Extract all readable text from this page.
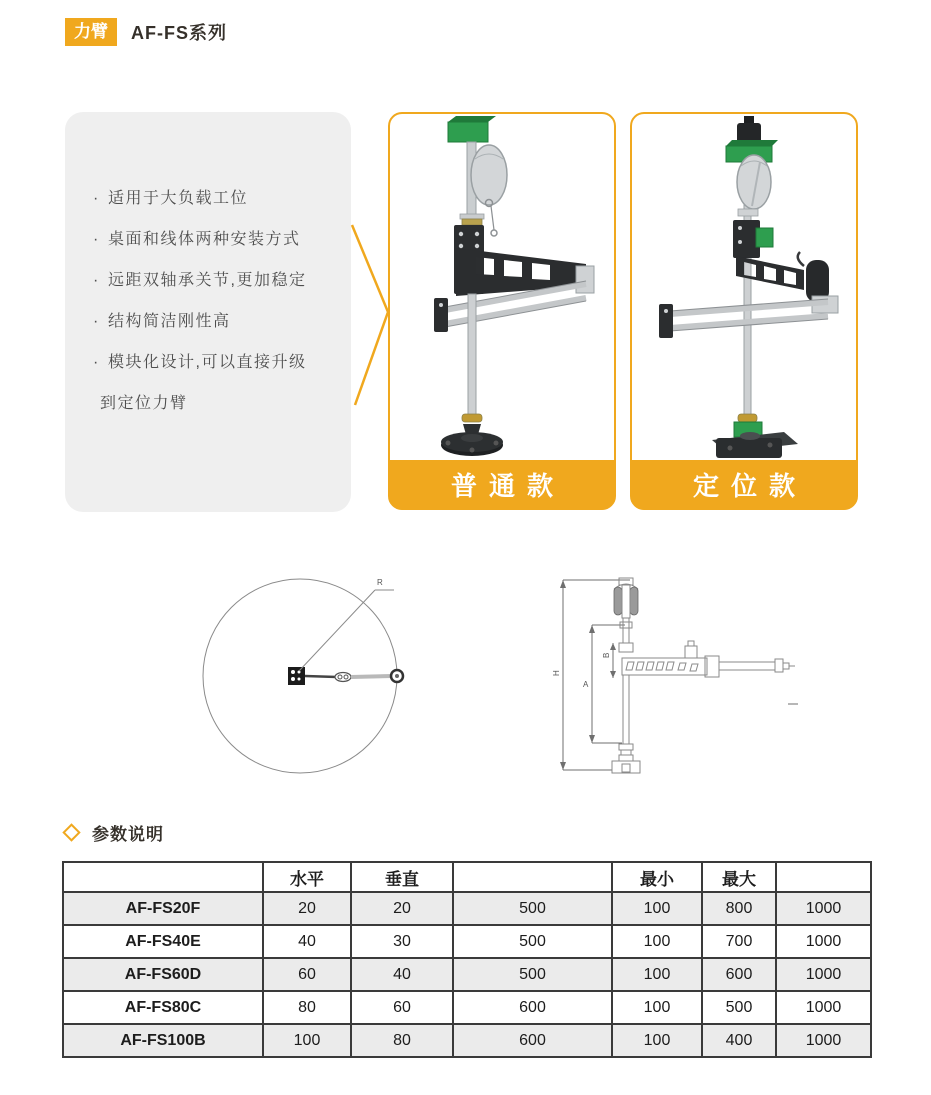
力臂	AF-FS系列
· 适用于大负载工位
· 桌面和线体两种安装方式
· 远距双轴承关节,更加稳定
· 结构简洁刚性高
· 模块化设计,可以直接升级
到定位力臂
普通款	定位款
R
H
A
B
参数说明
	水平	垂直		最小	最大	
AF-FS20F	20	20	500	100	800	1000
AF-FS40E	40	30	500	100	700	1000
AF-FS60D	60	40	500	100	600	1000
AF-FS80C	80	60	600	100	500	1000
AF-FS100B	100	80	600	100	400	1000
